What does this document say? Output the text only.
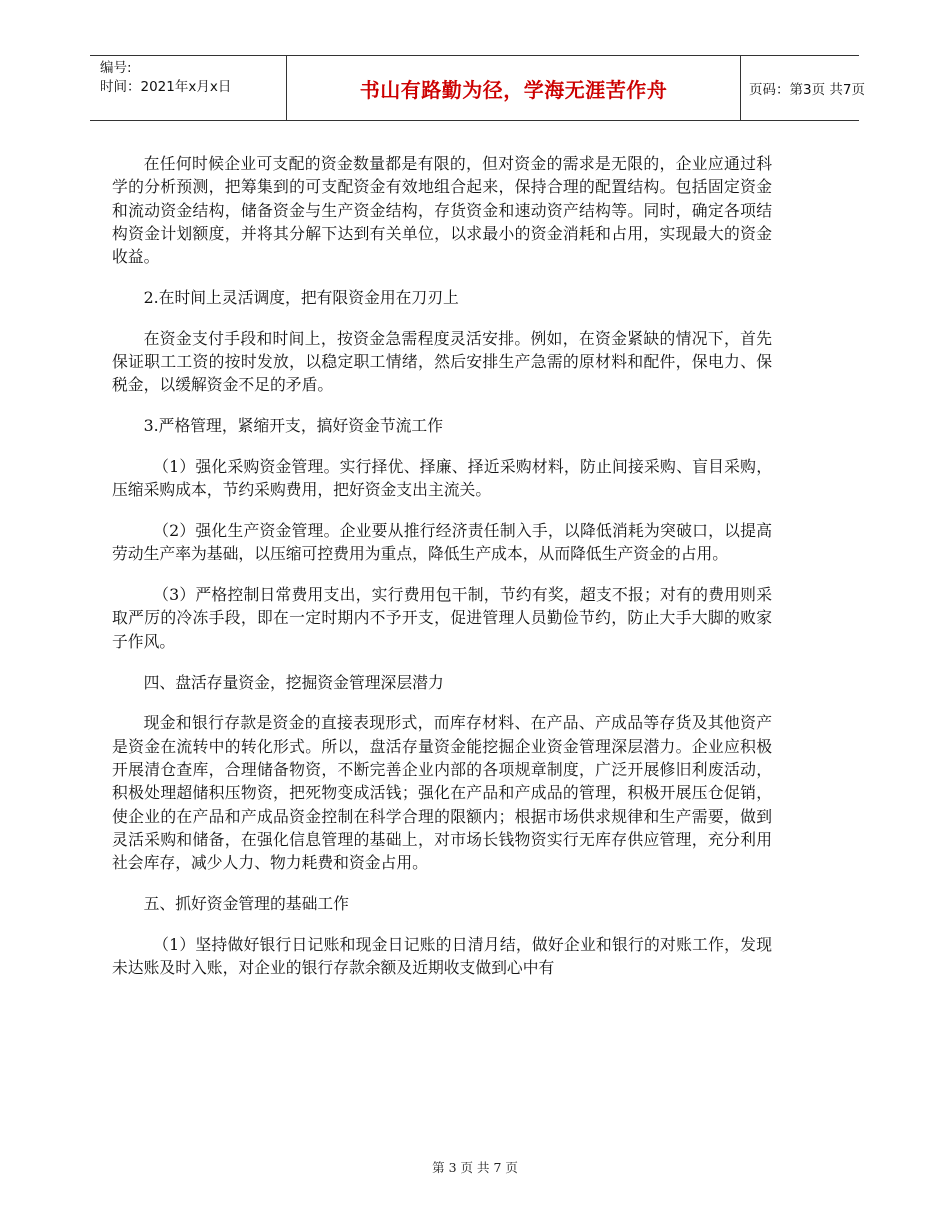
编号:
时间：2021年x月x日	书山有路勤为径，学海无涯苦作舟	页码：第3页 共7页

在任何时候企业可支配的资金数量都是有限的，但对资金的需求是无限的，企业应通过科学的分析预测，把筹集到的可支配资金有效地组合起来，保持合理的配置结构。包括固定资金和流动资金结构，储备资金与生产资金结构，存货资金和速动资产结构等。同时，确定各项结构资金计划额度，并将其分解下达到有关单位，以求最小的资金消耗和占用，实现最大的资金收益。

2.在时间上灵活调度，把有限资金用在刀刃上

在资金支付手段和时间上，按资金急需程度灵活安排。例如，在资金紧缺的情况下，首先保证职工工资的按时发放，以稳定职工情绪，然后安排生产急需的原材料和配件，保电力、保税金，以缓解资金不足的矛盾。

3.严格管理，紧缩开支，搞好资金节流工作

（1）强化采购资金管理。实行择优、择廉、择近采购材料，防止间接采购、盲目采购，压缩采购成本，节约采购费用，把好资金支出主流关。

（2）强化生产资金管理。企业要从推行经济责任制入手，以降低消耗为突破口，以提高劳动生产率为基础，以压缩可控费用为重点，降低生产成本，从而降低生产资金的占用。

（3）严格控制日常费用支出，实行费用包干制，节约有奖，超支不报；对有的费用则采取严厉的冷冻手段，即在一定时期内不予开支，促进管理人员勤俭节约，防止大手大脚的败家子作风。

四、盘活存量资金，挖掘资金管理深层潜力

现金和银行存款是资金的直接表现形式，而库存材料、在产品、产成品等存货及其他资产是资金在流转中的转化形式。所以，盘活存量资金能挖掘企业资金管理深层潜力。企业应积极开展清仓查库，合理储备物资，不断完善企业内部的各项规章制度，广泛开展修旧利废活动，积极处理超储积压物资，把死物变成活钱；强化在产品和产成品的管理，积极开展压仓促销，使企业的在产品和产成品资金控制在科学合理的限额内；根据市场供求规律和生产需要，做到灵活采购和储备，在强化信息管理的基础上，对市场长钱物资实行无库存供应管理，充分利用社会库存，减少人力、物力耗费和资金占用。

五、抓好资金管理的基础工作

（1）坚持做好银行日记账和现金日记账的日清月结，做好企业和银行的对账工作，发现未达账及时入账，对企业的银行存款余额及近期收支做到心中有

第 3 页 共 7 页
